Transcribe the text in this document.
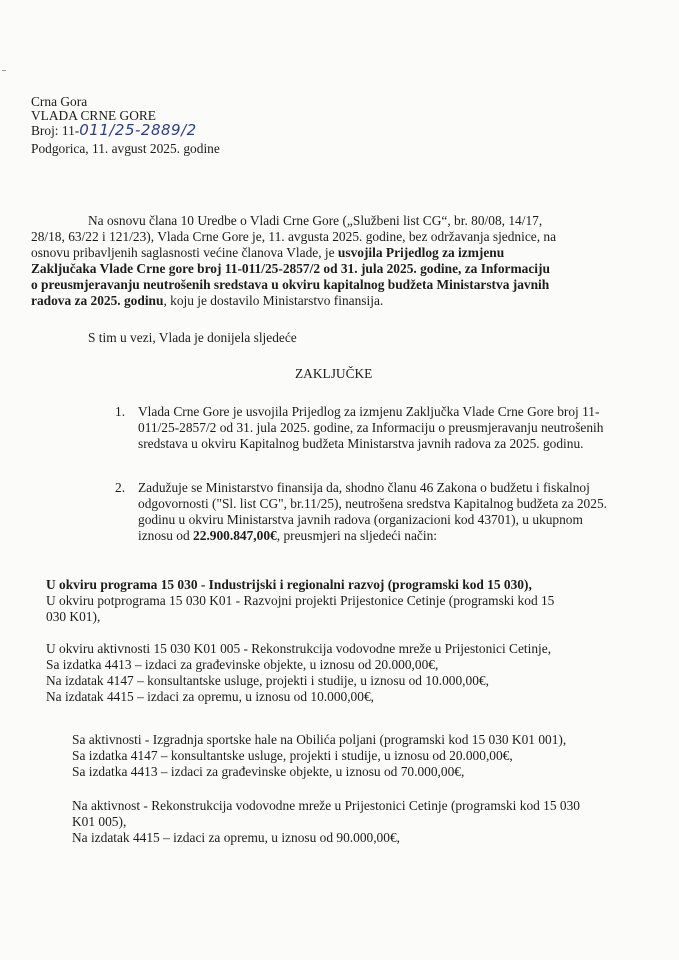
Crna Gora
VLADA CRNE GORE
Broj: 11-011/25-2889/2
Podgorica, 11. avgust 2025. godine
Na osnovu člana 10 Uredbe o Vladi Crne Gore („Službeni list CG“, br. 80/08, 14/17,
28/18, 63/22 i 121/23), Vlada Crne Gore je, 11. avgusta 2025. godine, bez održavanja sjednice, na
osnovu pribavljenih saglasnosti većine članova Vlade, je usvojila Prijedlog za izmjenu
Zaključaka Vlade Crne gore broj 11-011/25-2857/2 od 31. jula 2025. godine, za Informaciju
o preusmjeravanju neutrošenih sredstava u okviru kapitalnog budžeta Ministarstva javnih
radova za 2025. godinu, koju je dostavilo Ministarstvo finansija.
S tim u vezi, Vlada je donijela sljedeće
ZAKLJUČKE
1. Vlada Crne Gore je usvojila Prijedlog za izmjenu Zaključka Vlade Crne Gore broj 11-
011/25-2857/2 od 31. jula 2025. godine, za Informaciju o preusmjeravanju neutrošenih
sredstava u okviru Kapitalnog budžeta Ministarstva javnih radova za 2025. godinu.
2. Zadužuje se Ministarstvo finansija da, shodno članu 46 Zakona o budžetu i fiskalnoj
odgovornosti ("Sl. list CG", br.11/25), neutrošena sredstva Kapitalnog budžeta za 2025.
godinu u okviru Ministarstva javnih radova (organizacioni kod 43701), u ukupnom
iznosu od 22.900.847,00€, preusmjeri na sljedeći način:
U okviru programa 15 030 - Industrijski i regionalni razvoj (programski kod 15 030),
U okviru potprograma 15 030 K01 - Razvojni projekti Prijestonice Cetinje (programski kod 15
030 K01),
U okviru aktivnosti 15 030 K01 005 - Rekonstrukcija vodovodne mreže u Prijestonici Cetinje,
Sa izdatka 4413 – izdaci za građevinske objekte, u iznosu od 20.000,00€,
Na izdatak 4147 – konsultantske usluge, projekti i studije, u iznosu od 10.000,00€,
Na izdatak 4415 – izdaci za opremu, u iznosu od 10.000,00€,
Sa aktivnosti - Izgradnja sportske hale na Obilića poljani (programski kod 15 030 K01 001),
Sa izdatka 4147 – konsultantske usluge, projekti i studije, u iznosu od 20.000,00€,
Sa izdatka 4413 – izdaci za građevinske objekte, u iznosu od 70.000,00€,
Na aktivnost - Rekonstrukcija vodovodne mreže u Prijestonici Cetinje (programski kod 15 030
K01 005),
Na izdatak 4415 – izdaci za opremu, u iznosu od 90.000,00€,
